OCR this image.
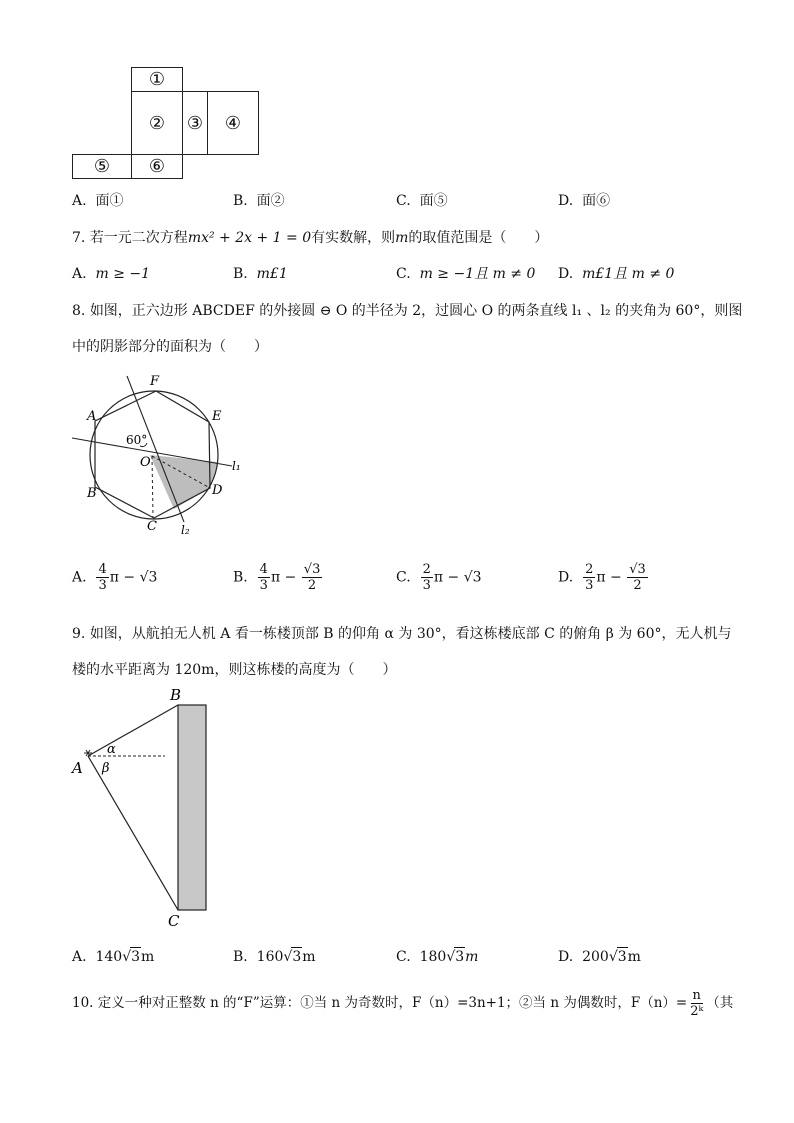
①
②	③	④
⑤	⑥
A. 面①	B. 面②	C. 面⑤	D. 面⑥
7. 若一元二次方程mx² + 2x + 1 = 0有实数解，则m的取值范围是（　　）
A. m ≥ −1	B. m£1	C. m ≥ −1且 m ≠ 0 D. m£1且 m ≠ 0
8. 如图，正六边形 ABCDEF 的外接圆 ⊖ O 的半径为 2，过圆心 O 的两条直线 l₁ 、l₂ 的夹角为 60°，则图
中的阴影部分的面积为（　　）
F
E
A
60°
O	l₁
B	D
C l₂
A. $\frac{4}{3}$ π − √3	B. $\frac{4}{3}$ $\pi - \frac{√3}{2}$	C. $\frac{2}{3}$ π − √3	D. $\frac{2}{3}$ $\pi - \frac{√3}{2}$
9. 如图，从航拍无人机 A 看一栋楼顶部 B 的仰角 α 为 30°，看这栋楼底部 C 的俯角 β 为 60°，无人机与
楼的水平距离为 120m，则这栋楼的高度为（　　）
B
α
A β
C
A. 140√3m	B. 160√3m	C. 180√3m	D. 200√3m
10. 定义一种对正整数 n 的“F”运算：①当 n 为奇数时，F（n）=3n+1；②当 n 为偶数时，$F(n)= \frac{n}{\text{2ᵏ}}$ （其
